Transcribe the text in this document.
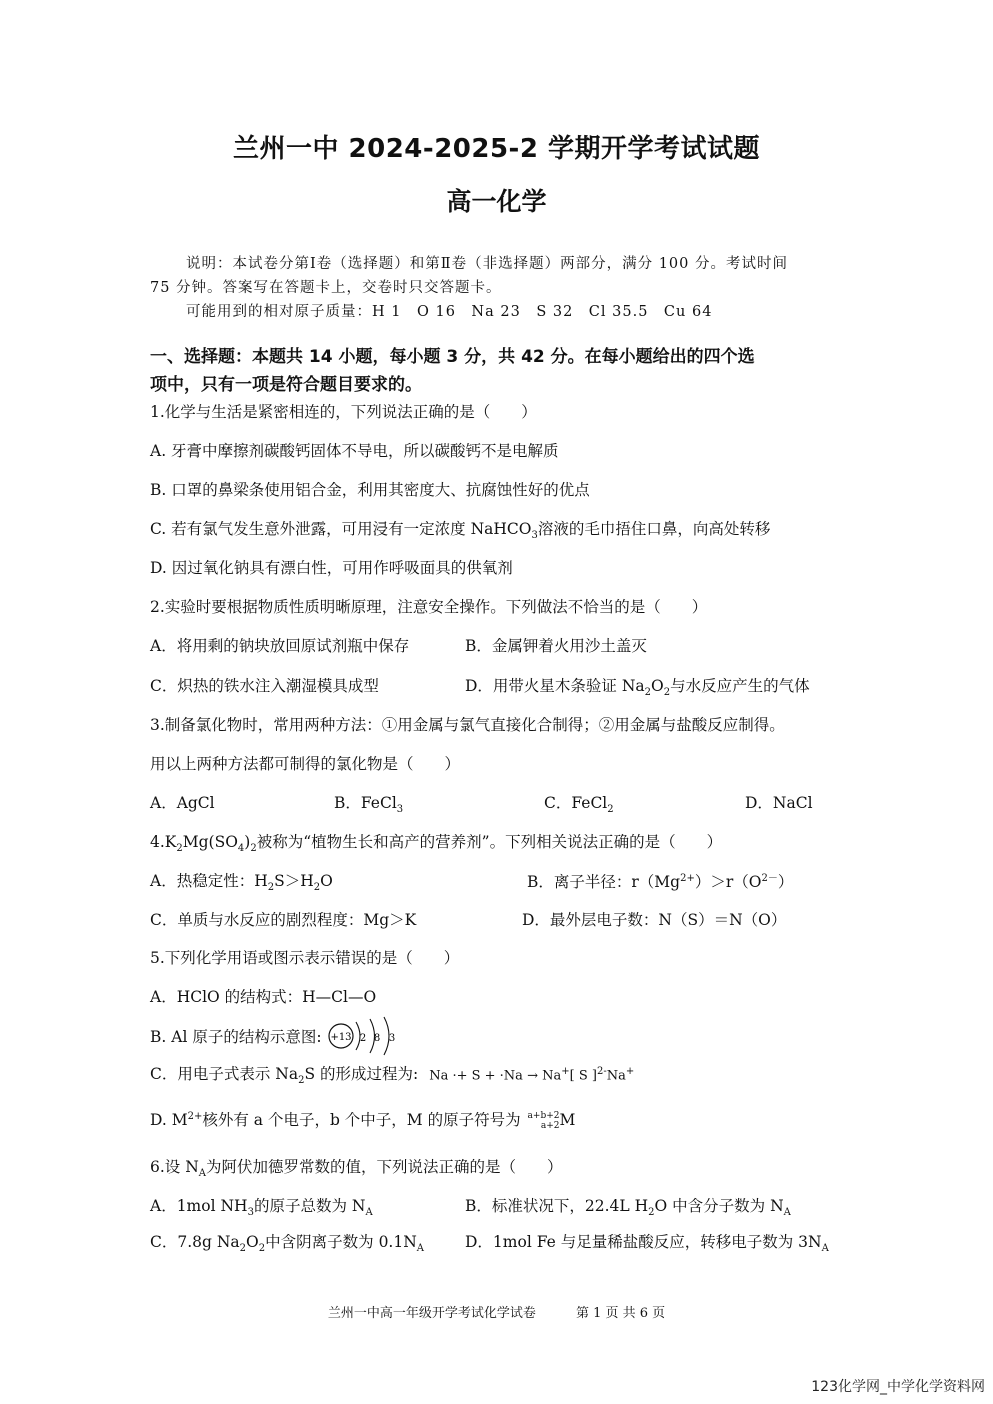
兰州一中 2024-2025-2 学期开学考试试题
高一化学
说明：本试卷分第Ⅰ卷（选择题）和第Ⅱ卷（非选择题）两部分，满分 100 分。考试时间
75 分钟。答案写在答题卡上，交卷时只交答题卡。
可能用到的相对原子质量：H 1　O 16　Na 23　S 32　Cl 35.5　Cu 64
一、选择题：本题共 14 小题，每小题 3 分，共 42 分。在每小题给出的四个选
项中，只有一项是符合题目要求的。
1.化学与生活是紧密相连的，下列说法正确的是（　　）
A. 牙膏中摩擦剂碳酸钙固体不导电，所以碳酸钙不是电解质
B. 口罩的鼻梁条使用铝合金，利用其密度大、抗腐蚀性好的优点
C. 若有氯气发生意外泄露，可用浸有一定浓度 NaHCO$_3$溶液的毛巾捂住口鼻，向高处转移
D. 因过氧化钠具有漂白性，可用作呼吸面具的供氧剂
2.实验时要根据物质性质明晰原理，注意安全操作。下列做法不恰当的是（　　）
A．将用剩的钠块放回原试剂瓶中保存	B．金属钾着火用沙土盖灭
C．炽热的铁水注入潮湿模具成型	D．用带火星木条验证 $Na_2O_2$与水反应产生的气体
3.制备氯化物时，常用两种方法：①用金属与氯气直接化合制得；②用金属与盐酸反应制得。
用以上两种方法都可制得的氯化物是（　　）
A．AgCl	B．FeCl$_3$	C．FeCl$_2$	D．NaCl
$4.K_2Mg(SO_4)_2$被称为“植物生长和高产的营养剂”。下列相关说法正确的是（　　）
A．热稳定性：$H_2S>H_2O$	B．离子半径：$r(Mg^{2+})>r(O^{2-})$
C．单质与水反应的剧烈程度：Mg＞K	D．最外层电子数：N（S）＝N（O）
5.下列化学用语或图示表示错误的是（　　）
A．HClO 的结构式：H—Cl—O
B. Al 原子的结构示意图: +13 2 8 3
C．用电子式表示 $Na_2S$ 的形成过程为: Na ·+ S + ·Na → Na+[ S ]$^{2-}$Na+
D. $M^{2+}$核外有 a 个电子，b 个中子，M 的原子符号为 a+b+2
a+2 M
6.设 $N_A$为阿伏加德罗常数的值，下列说法正确的是（　　）
A．1mol $NH_3$的原子总数为 $N_A$	B．标准状况下，22.4L $H_2O$ 中含分子数为 $N_A$
C．7.8g $Na_2O_2$中含阴离子数为 $0.1N_A$	D．1mol Fe 与足量稀盐酸反应，转移电子数为 $3N_A$
兰州一中高一年级开学考试化学试卷	第 1 页 共 6 页
123化学网_中学化学资料网
